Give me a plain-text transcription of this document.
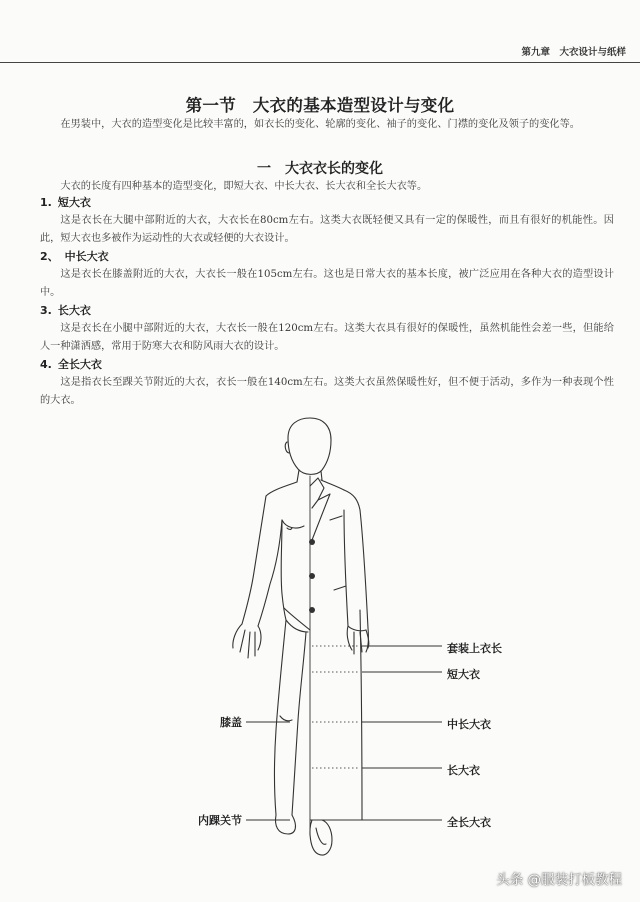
第九章　大衣设计与纸样
第一节　大衣的基本造型设计与变化

在男装中，大衣的造型变化是比较丰富的，如衣长的变化、轮廓的变化、袖子的变化、门襟的变化及领子的变化等。

一　大衣衣长的变化

大衣的长度有四种基本的造型变化，即短大衣、中长大衣、长大衣和全长大衣等。

1. 短大衣

这是衣长在大腿中部附近的大衣，大衣长在80cm左右。这类大衣既轻便又具有一定的保暖性，而且有很好的机能性。因此，短大衣也多被作为运动性的大衣或轻便的大衣设计。

2、 中长大衣

这是衣长在膝盖附近的大衣，大衣长一般在105cm左右。这也是日常大衣的基本长度，被广泛应用在各种大衣的造型设计中。

3. 长大衣

这是衣长在小腿中部附近的大衣，大衣长一般在120cm左右。这类大衣具有很好的保暖性，虽然机能性会差一些，但能给人一种潇洒感，常用于防寒大衣和防风雨大衣的设计。

4. 全长大衣

这是指衣长至踝关节附近的大衣，衣长一般在140cm左右。这类大衣虽然保暖性好，但不便于活动，多作为一种表现个性的大衣。

套装上衣长
短大衣
中长大衣
长大衣
全长大衣
膝盖
内踝关节
头条 @服装打板教程
